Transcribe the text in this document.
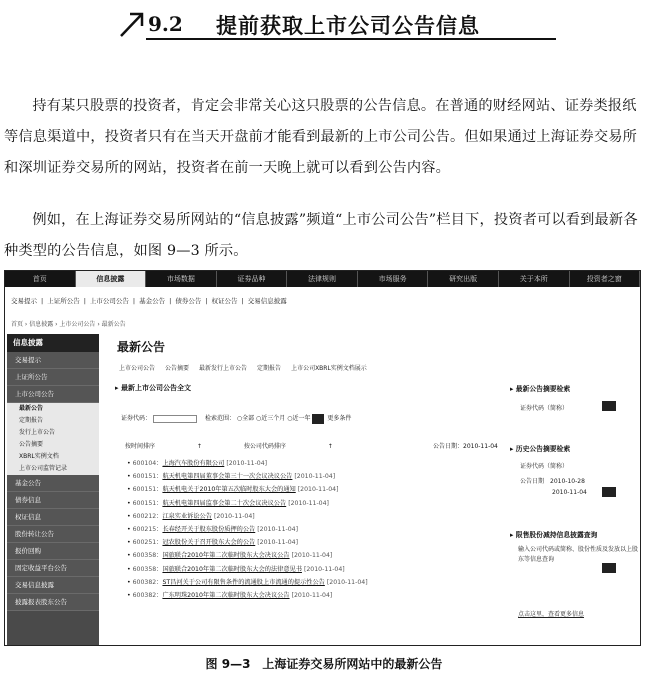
9.2 提前获取上市公司公告信息

持有某只股票的投资者，肯定会非常关心这只股票的公告信息。在普通的财经网站、证券类报纸等信息渠道中，投资者只有在当天开盘前才能看到最新的上市公司公告。但如果通过上海证券交易所和深圳证券交易所的网站，投资者在前一天晚上就可以看到公告内容。

例如，在上海证券交易所网站的“信息披露”频道“上市公司公告”栏目下，投资者可以看到最新各种类型的公告信息，如图 9—3 所示。

首页	信息披露	市场数据	证券品种	法律规则	市场服务	研究出版	关于本所	投资者之窗
交易提示 | 上证所公告 | 上市公司公告 | 基金公告 | 债券公告 | 权证公告 | 交易信息披露
首页 › 信息披露 › 上市公司公告 › 最新公告
信息披露
交易提示
上证所公告
上市公司公告
最新公告
定期报告
发行上市公告
公告摘要
XBRL实例文档
上市公司监管记录
基金公告
债券信息
权证信息
股份转让公告
报价回购
固定收益平台公告
交易信息披露
披露报表股东公告
最新公告
上市公司公告 公告摘要 最新发行上市公告 定期报告 上市公司XBRL实例文档展示
▸ 最新上市公司公告全文
证券代码：	检索范围： ○全部 ○近三个月 ○近一年	更多条件
按时间排序	↑	按公司代码排序	↑	公告日期：2010-11-04
• 600104：上海汽车股份有限公司 [2010-11-04]
• 600151：航天机电第四届董事会第三十一次会议决议公告 [2010-11-04]
• 600151：航天机电关于2010年第五次临时股东大会的通知 [2010-11-04]
• 600151：航天机电第四届监事会第二十次会议决议公告 [2010-11-04]
• 600212：江泉实业诉讼公告 [2010-11-04]
• 600215：长春经开关于股东股份质押的公告 [2010-11-04]
• 600251：冠农股份关于召开股东大会的公告 [2010-11-04]
• 600358：国旅联合2010年第二次临时股东大会决议公告 [2010-11-04]
• 600358：国旅联合2010年第二次临时股东大会的法律意见书 [2010-11-04]
• 600382：ST昌河关于公司有限售条件的流通股上市流通的提示性公告 [2010-11-04]
• 600382：广东明珠2010年第二次临时股东大会决议公告 [2010-11-04]
▸ 最新公告摘要检索
证券代码（简称）
▸ 历史公告摘要检索
证券代码（简称）
公告日期　 2010-10-28
2010-11-04
▸ 限售股份减持信息披露查询
输入公司代码或简称、股份性质及发放以上股东等信息查询
点击这里，查看更多信息
图 9—3　上海证券交易所网站中的最新公告
